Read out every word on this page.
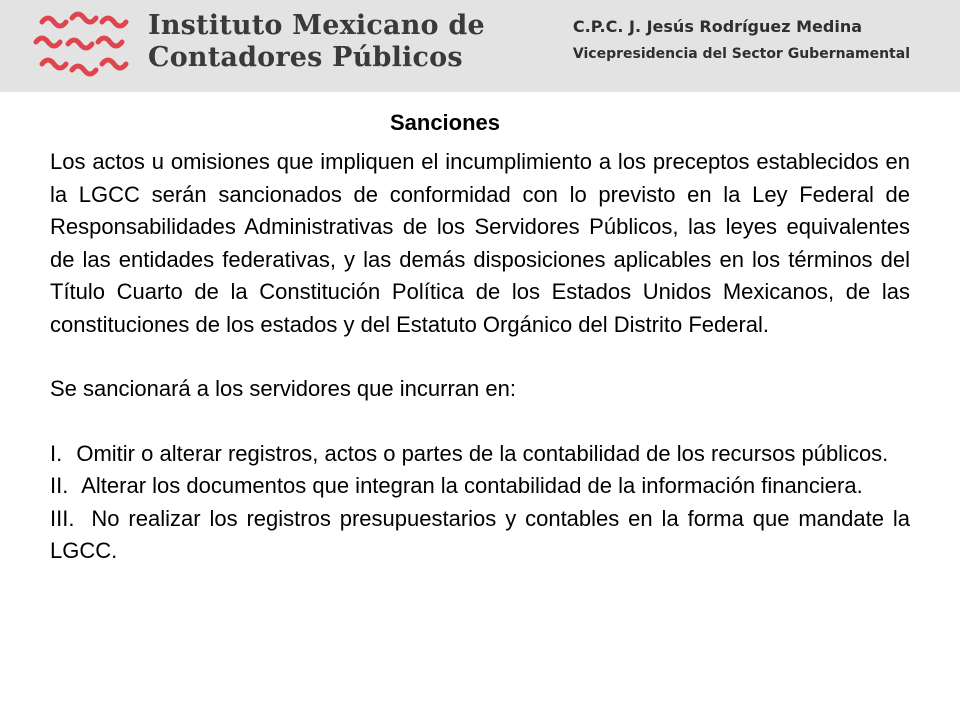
Instituto Mexicano de
Contadores Públicos
C.P.C. J. Jesús Rodríguez Medina
Vicepresidencia del Sector Gubernamental
Sanciones

Los actos u omisiones que impliquen el incumplimiento a los preceptos establecidos en la LGCC serán sancionados de conformidad con lo previsto en la Ley Federal de Responsabilidades Administrativas de los Servidores Públicos, las leyes equivalentes de las entidades federativas, y las demás disposiciones aplicables en los términos del Título Cuarto de la Constitución Política de los Estados Unidos Mexicanos, de las constituciones de los estados y del Estatuto Orgánico del Distrito Federal.

Se sancionará a los servidores que incurran en:

I. Omitir o alterar registros, actos o partes de la contabilidad de los recursos públicos.

II. Alterar los documentos que integran la contabilidad de la información financiera.

III. No realizar los registros presupuestarios y contables en la forma que mandate la LGCC.
